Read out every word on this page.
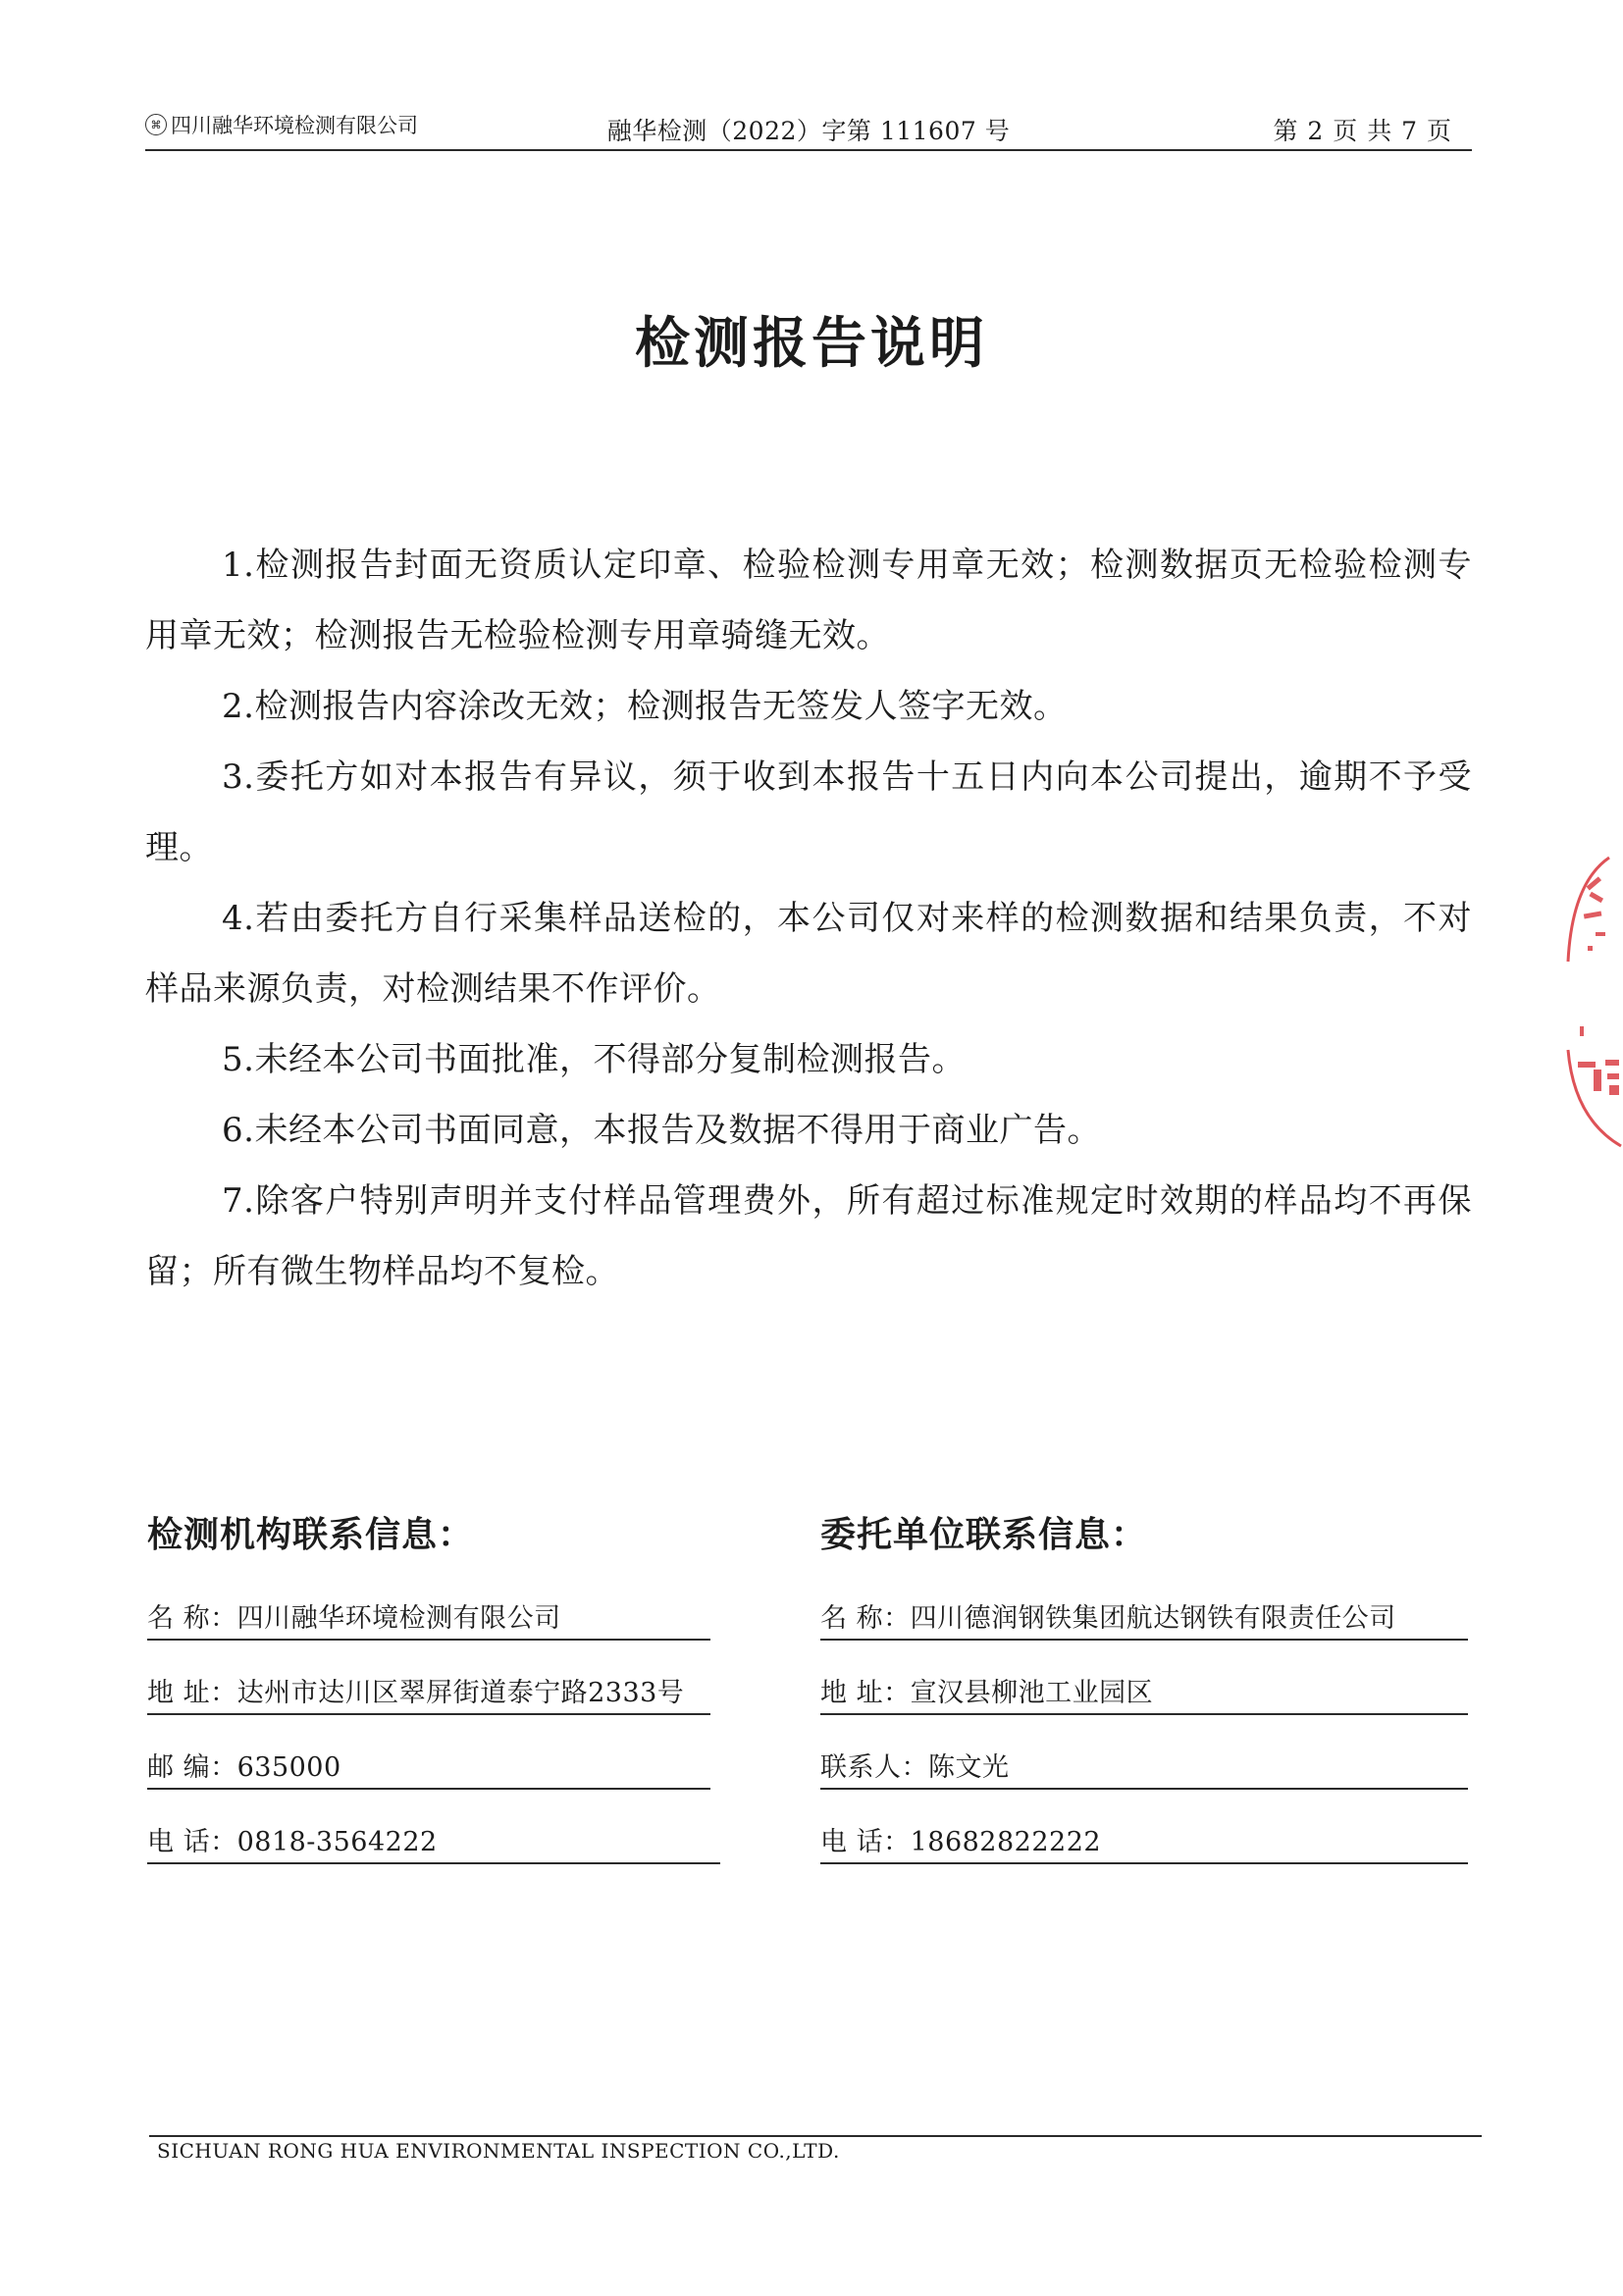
⌘ 四川融华环境检测有限公司	融华检测（2022）字第 111607 号	第 2 页 共 7 页
检测报告说明

1.检测报告封面无资质认定印章、检验检测专用章无效；检测数据页无检验检测专用章无效；检测报告无检验检测专用章骑缝无效。

2.检测报告内容涂改无效；检测报告无签发人签字无效。

3.委托方如对本报告有异议，须于收到本报告十五日内向本公司提出，逾期不予受理。

4.若由委托方自行采集样品送检的，本公司仅对来样的检测数据和结果负责，不对样品来源负责，对检测结果不作评价。

5.未经本公司书面批准，不得部分复制检测报告。

6.未经本公司书面同意，本报告及数据不得用于商业广告。

7.除客户特别声明并支付样品管理费外，所有超过标准规定时效期的样品均不再保留；所有微生物样品均不复检。

检测机构联系信息：
名 称：四川融华环境检测有限公司
地 址：达州市达川区翠屏街道泰宁路2333号
邮 编：635000
电 话：0818-3564222
委托单位联系信息：
名 称：四川德润钢铁集团航达钢铁有限责任公司
地 址：宣汉县柳池工业园区
联系人：陈文光
电 话：18682822222
SICHUAN RONG HUA ENVIRONMENTAL INSPECTION CO.,LTD.
